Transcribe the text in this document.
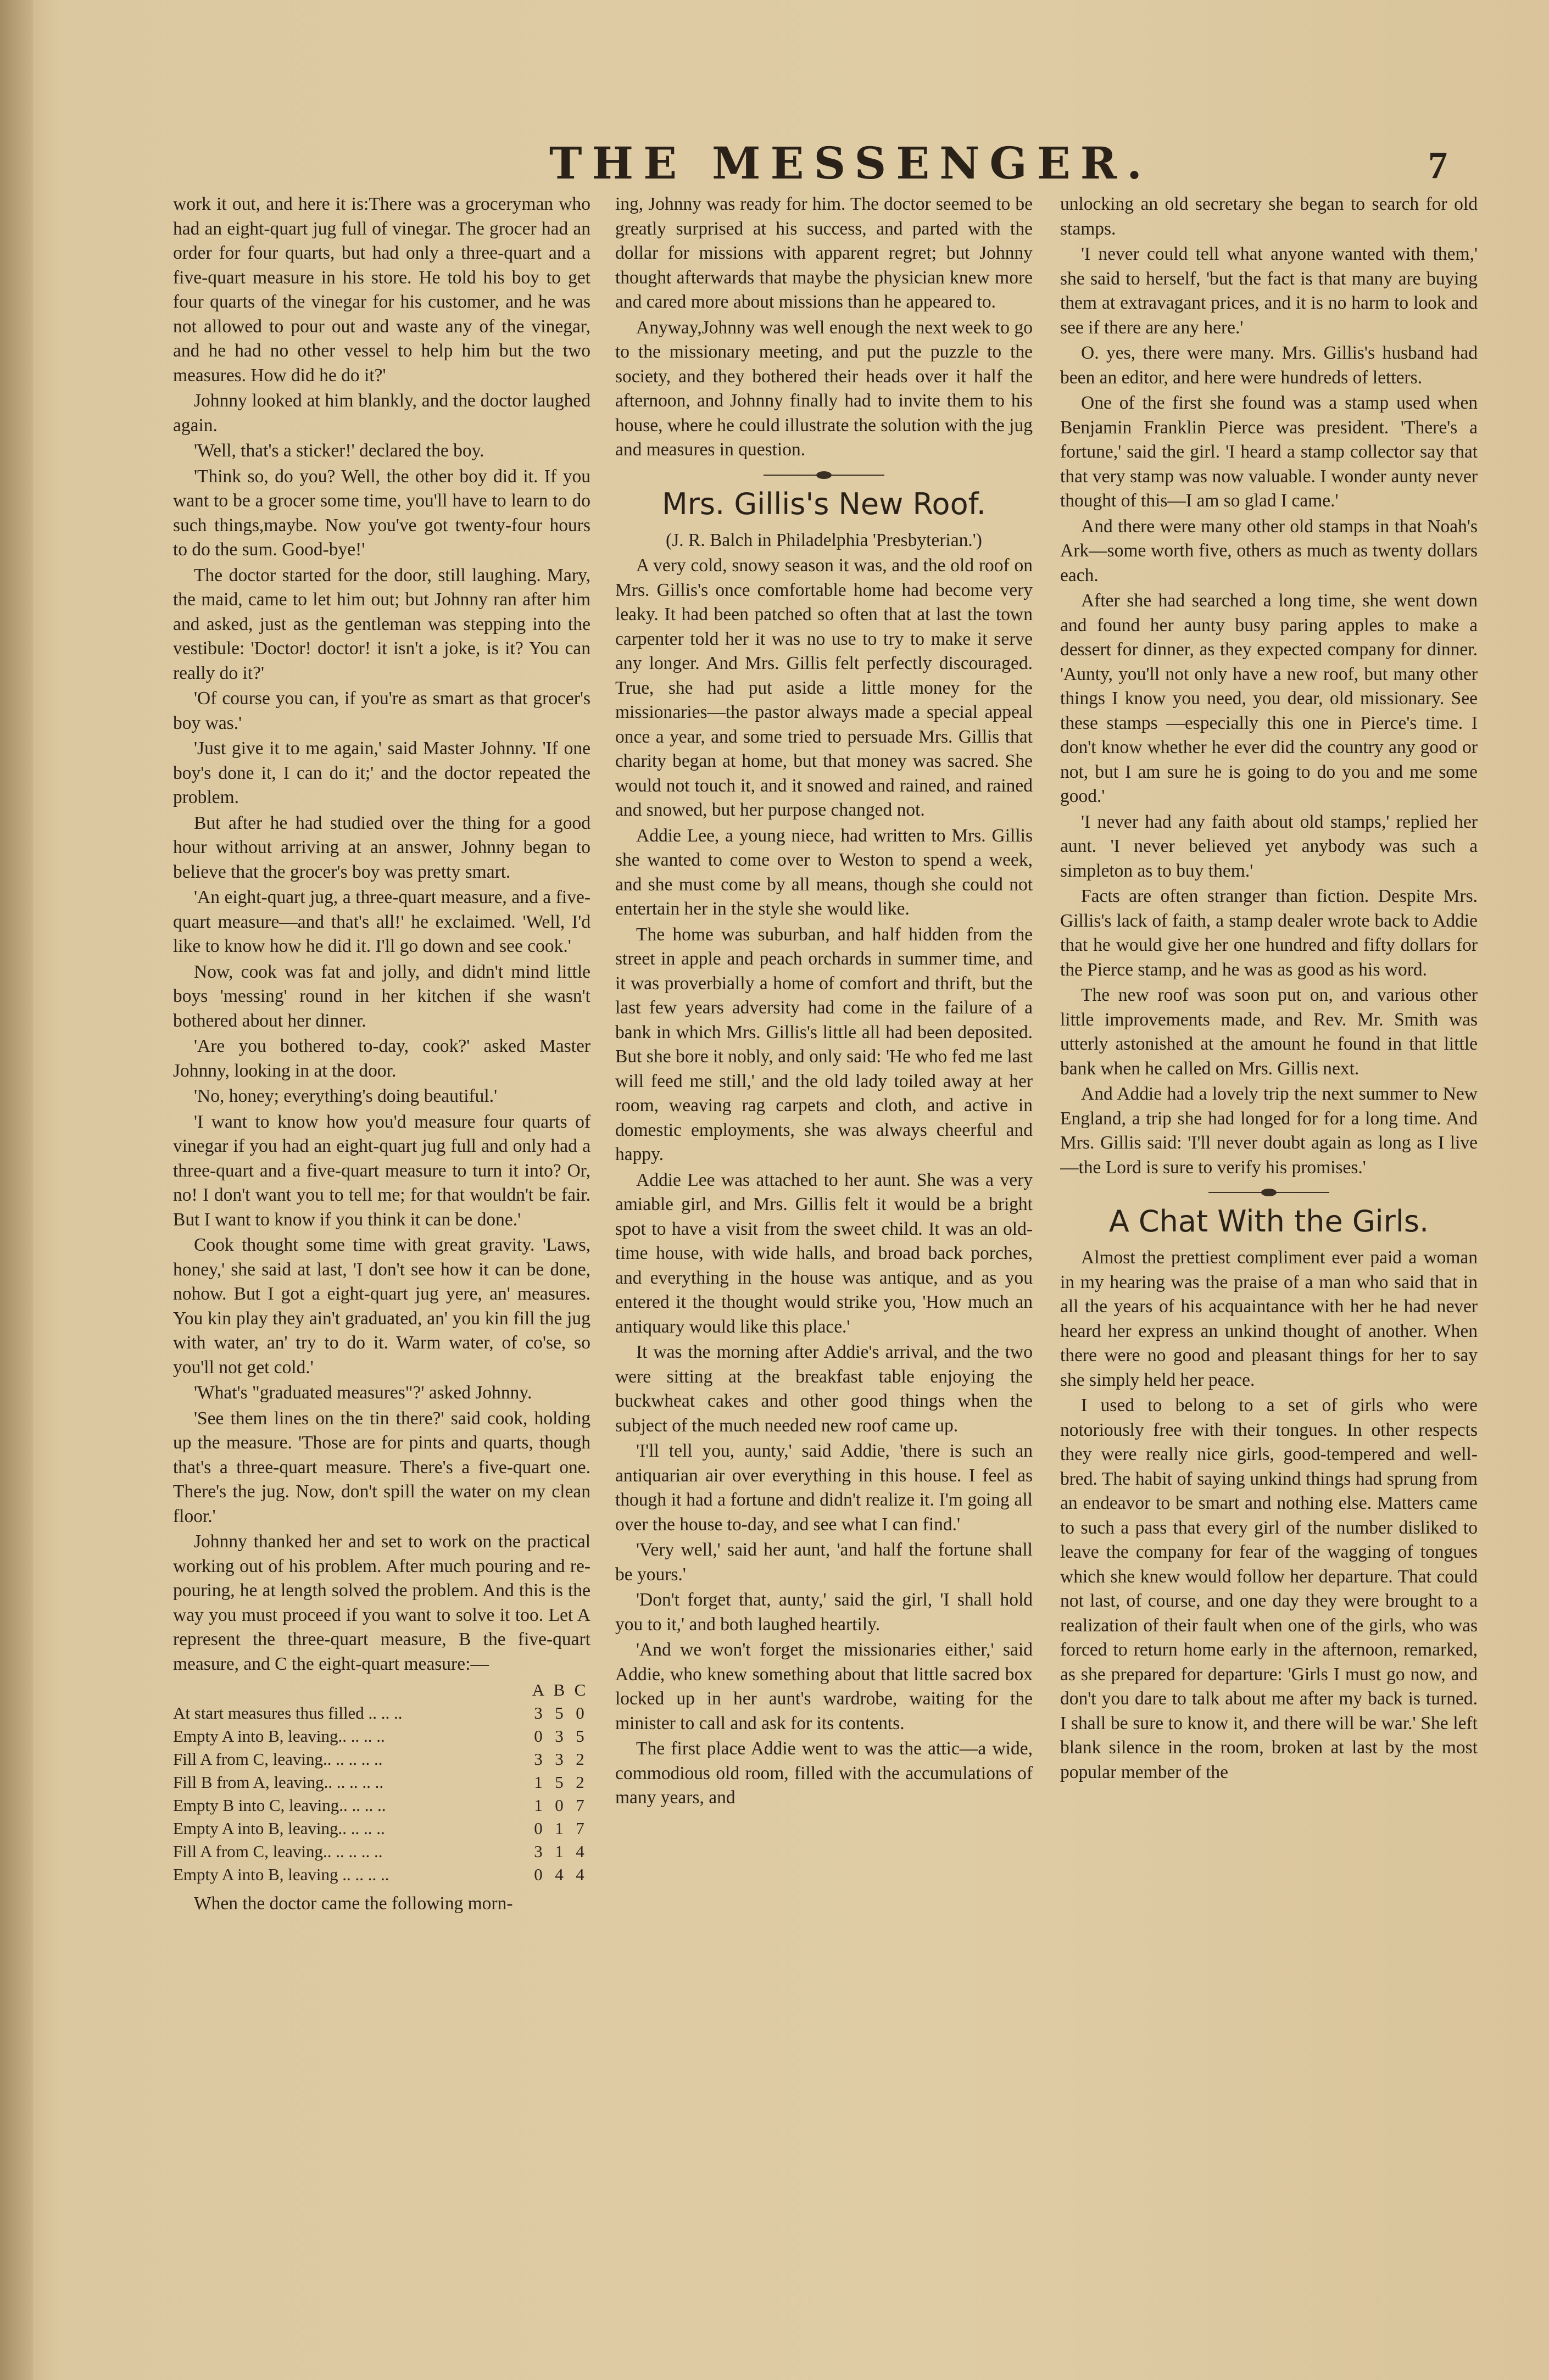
THE MESSENGER.	7

work it out, and here it is:There was a groceryman who had an eight-quart jug full of vinegar. The grocer had an order for four quarts, but had only a three-quart and a five-quart measure in his store. He told his boy to get four quarts of the vinegar for his customer, and he was not allowed to pour out and waste any of the vinegar, and he had no other vessel to help him but the two measures. How did he do it?'

Johnny looked at him blankly, and the doctor laughed again.

'Well, that's a sticker!' declared the boy.

'Think so, do you? Well, the other boy did it. If you want to be a grocer some time, you'll have to learn to do such things,maybe. Now you've got twenty-four hours to do the sum. Good-bye!'

The doctor started for the door, still laughing. Mary, the maid, came to let him out; but Johnny ran after him and asked, just as the gentleman was stepping into the vestibule: 'Doctor! doctor! it isn't a joke, is it? You can really do it?'

'Of course you can, if you're as smart as that grocer's boy was.'

'Just give it to me again,' said Master Johnny. 'If one boy's done it, I can do it;' and the doctor repeated the problem.

But after he had studied over the thing for a good hour without arriving at an answer, Johnny began to believe that the grocer's boy was pretty smart.

'An eight-quart jug, a three-quart measure, and a five-quart measure—and that's all!' he exclaimed. 'Well, I'd like to know how he did it. I'll go down and see cook.'

Now, cook was fat and jolly, and didn't mind little boys 'messing' round in her kitchen if she wasn't bothered about her dinner.

'Are you bothered to-day, cook?' asked Master Johnny, looking in at the door.

'No, honey; everything's doing beautiful.'

'I want to know how you'd measure four quarts of vinegar if you had an eight-quart jug full and only had a three-quart and a five-quart measure to turn it into? Or, no! I don't want you to tell me; for that wouldn't be fair. But I want to know if you think it can be done.'

Cook thought some time with great gravity. 'Laws, honey,' she said at last, 'I don't see how it can be done, nohow. But I got a eight-quart jug yere, an' measures. You kin play they ain't graduated, an' you kin fill the jug with water, an' try to do it. Warm water, of co'se, so you'll not get cold.'

'What's "graduated measures"?' asked Johnny.

'See them lines on the tin there?' said cook, holding up the measure. 'Those are for pints and quarts, though that's a three-quart measure. There's a five-quart one. There's the jug. Now, don't spill the water on my clean floor.'

Johnny thanked her and set to work on the practical working out of his problem. After much pouring and re-pouring, he at length solved the problem. And this is the way you must proceed if you want to solve it too. Let A represent the three-quart measure, B the five-quart measure, and C the eight-quart measure:—

	A	B	C
At start measures thus filled .. .. ..	3	5	0
Empty A into B, leaving.. .. .. ..	0	3	5
Fill A from C, leaving.. .. .. .. ..	3	3	2
Fill B from A, leaving.. .. .. .. ..	1	5	2
Empty B into C, leaving.. .. .. ..	1	0	7
Empty A into B, leaving.. .. .. ..	0	1	7
Fill A from C, leaving.. .. .. .. ..	3	1	4
Empty A into B, leaving .. .. .. ..	0	4	4

When the doctor came the following morn-

ing, Johnny was ready for him. The doctor seemed to be greatly surprised at his success, and parted with the dollar for missions with apparent regret; but Johnny thought afterwards that maybe the physician knew more and cared more about missions than he appeared to.

Anyway,Johnny was well enough the next week to go to the missionary meeting, and put the puzzle to the society, and they bothered their heads over it half the afternoon, and Johnny finally had to invite them to his house, where he could illustrate the solution with the jug and measures in question.

Mrs. Gillis's New Roof.

(J. R. Balch in Philadelphia 'Presbyterian.')

A very cold, snowy season it was, and the old roof on Mrs. Gillis's once comfortable home had become very leaky. It had been patched so often that at last the town carpenter told her it was no use to try to make it serve any longer. And Mrs. Gillis felt perfectly discouraged. True, she had put aside a little money for the missionaries—the pastor always made a special appeal once a year, and some tried to persuade Mrs. Gillis that charity began at home, but that money was sacred. She would not touch it, and it snowed and rained, and rained and snowed, but her purpose changed not.

Addie Lee, a young niece, had written to Mrs. Gillis she wanted to come over to Weston to spend a week, and she must come by all means, though she could not entertain her in the style she would like.

The home was suburban, and half hidden from the street in apple and peach orchards in summer time, and it was proverbially a home of comfort and thrift, but the last few years adversity had come in the failure of a bank in which Mrs. Gillis's little all had been deposited. But she bore it nobly, and only said: 'He who fed me last will feed me still,' and the old lady toiled away at her room, weaving rag carpets and cloth, and active in domestic employments, she was always cheerful and happy.

Addie Lee was attached to her aunt. She was a very amiable girl, and Mrs. Gillis felt it would be a bright spot to have a visit from the sweet child. It was an old-time house, with wide halls, and broad back porches, and everything in the house was antique, and as you entered it the thought would strike you, 'How much an antiquary would like this place.'

It was the morning after Addie's arrival, and the two were sitting at the breakfast table enjoying the buckwheat cakes and other good things when the subject of the much needed new roof came up.

'I'll tell you, aunty,' said Addie, 'there is such an antiquarian air over everything in this house. I feel as though it had a fortune and didn't realize it. I'm going all over the house to-day, and see what I can find.'

'Very well,' said her aunt, 'and half the fortune shall be yours.'

'Don't forget that, aunty,' said the girl, 'I shall hold you to it,' and both laughed heartily.

'And we won't forget the missionaries either,' said Addie, who knew something about that little sacred box locked up in her aunt's wardrobe, waiting for the minister to call and ask for its contents.

The first place Addie went to was the attic—a wide, commodious old room, filled with the accumulations of many years, and

unlocking an old secretary she began to search for old stamps.

'I never could tell what anyone wanted with them,' she said to herself, 'but the fact is that many are buying them at extravagant prices, and it is no harm to look and see if there are any here.'

O. yes, there were many. Mrs. Gillis's husband had been an editor, and here were hundreds of letters.

One of the first she found was a stamp used when Benjamin Franklin Pierce was president. 'There's a fortune,' said the girl. 'I heard a stamp collector say that that very stamp was now valuable. I wonder aunty never thought of this—I am so glad I came.'

And there were many other old stamps in that Noah's Ark—some worth five, others as much as twenty dollars each.

After she had searched a long time, she went down and found her aunty busy paring apples to make a dessert for dinner, as they expected company for dinner. 'Aunty, you'll not only have a new roof, but many other things I know you need, you dear, old missionary. See these stamps —especially this one in Pierce's time. I don't know whether he ever did the country any good or not, but I am sure he is going to do you and me some good.'

'I never had any faith about old stamps,' replied her aunt. 'I never believed yet anybody was such a simpleton as to buy them.'

Facts are often stranger than fiction. Despite Mrs. Gillis's lack of faith, a stamp dealer wrote back to Addie that he would give her one hundred and fifty dollars for the Pierce stamp, and he was as good as his word.

The new roof was soon put on, and various other little improvements made, and Rev. Mr. Smith was utterly astonished at the amount he found in that little bank when he called on Mrs. Gillis next.

And Addie had a lovely trip the next summer to New England, a trip she had longed for for a long time. And Mrs. Gillis said: 'I'll never doubt again as long as I live—the Lord is sure to verify his promises.'

A Chat With the Girls.

Almost the prettiest compliment ever paid a woman in my hearing was the praise of a man who said that in all the years of his acquaintance with her he had never heard her express an unkind thought of another. When there were no good and pleasant things for her to say she simply held her peace.

I used to belong to a set of girls who were notoriously free with their tongues. In other respects they were really nice girls, good-tempered and well-bred. The habit of saying unkind things had sprung from an endeavor to be smart and nothing else. Matters came to such a pass that every girl of the number disliked to leave the company for fear of the wagging of tongues which she knew would follow her departure. That could not last, of course, and one day they were brought to a realization of their fault when one of the girls, who was forced to return home early in the afternoon, remarked, as she prepared for departure: 'Girls I must go now, and don't you dare to talk about me after my back is turned. I shall be sure to know it, and there will be war.' She left blank silence in the room, broken at last by the most popular member of the
